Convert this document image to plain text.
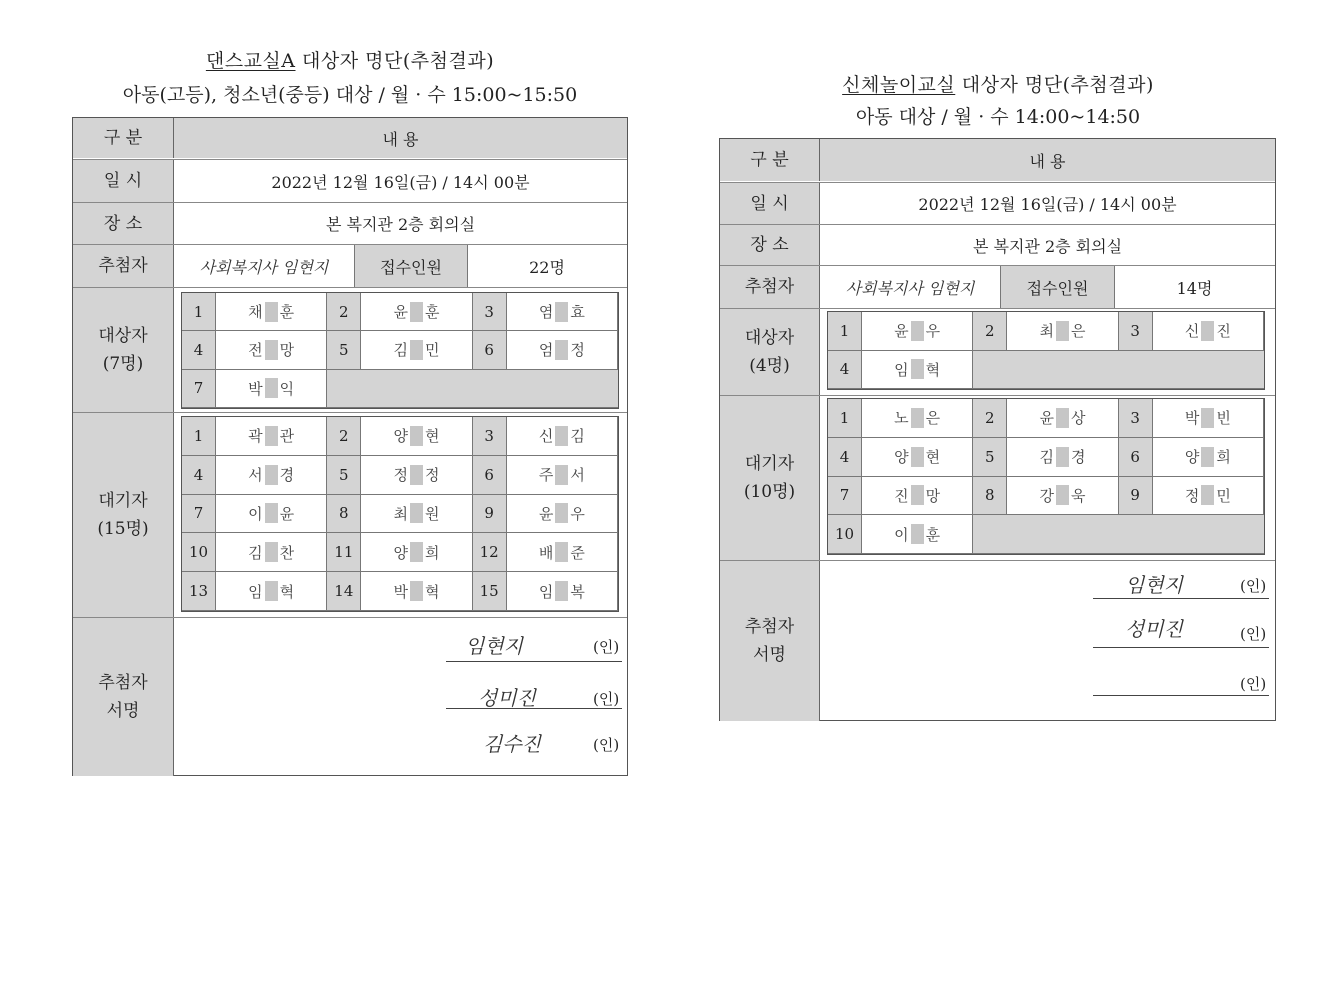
댄스교실A 대상자 명단(추첨결과)
아동(고등), 청소년(중등) 대상 / 월 · 수 15:00~15:50
구 분	내 용
일 시	2022년 12월 16일(금) / 14시 00분
장 소	본 복지관 2층 회의실
추첨자	사회복지사 임현지	접수인원	22명
대상자
(7명)
1	채 훈	2	윤 훈	3	염 효
4	전 망	5	김 민	6	엄 정
7	박 익
대기자
(15명)
1	곽 관	2	양 현	3	신 김
4	서 경	5	정 정	6	주 서
7	이 윤	8	최 원	9	윤 우
10	김 찬	11	양 희	12	배 준
13	임 혁	14	박 혁	15	임 복
추첨자
서명
임현지	(인)
성미진	(인)
김수진	(인)
신체놀이교실 대상자 명단(추첨결과)
아동 대상 / 월 · 수 14:00~14:50
구 분	내 용
일 시	2022년 12월 16일(금) / 14시 00분
장 소	본 복지관 2층 회의실
추첨자	사회복지사 임현지	접수인원	14명
대상자
(4명)
1	윤 우	2	최 은	3	신 진
4	임 혁
대기자
(10명)
1	노 은	2	윤 상	3	박 빈
4	양 현	5	김 경	6	양 희
7	진 망	8	강 욱	9	정 민
10	이 훈
추첨자
서명
임현지	(인)
성미진	(인)
(인)
